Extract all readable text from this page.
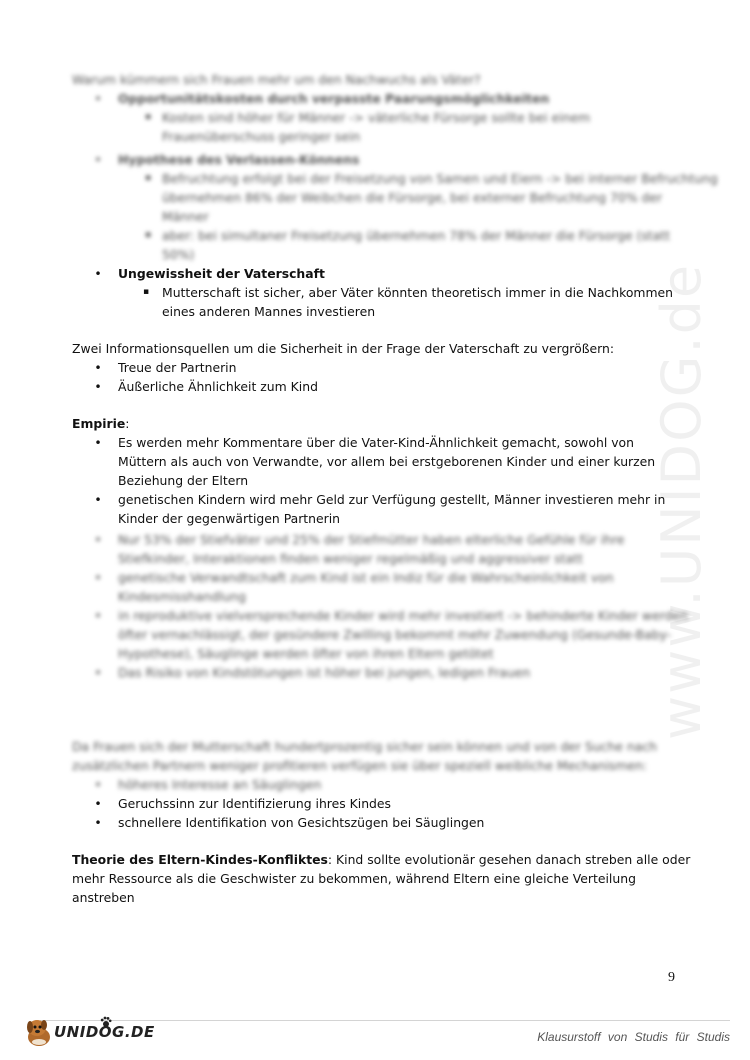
www.UNIDOG.de
Warum kümmern sich Frauen mehr um den Nachwuchs als Väter?
• Opportunitätskosten durch verpasste Paarungsmöglichkeiten
▪ Kosten sind höher für Männer -> väterliche Fürsorge sollte bei einem
Frauenüberschuss geringer sein
• Hypothese des Verlassen-Könnens
▪ Befruchtung erfolgt bei der Freisetzung von Samen und Eiern -> bei interner Befruchtung
übernehmen 86% der Weibchen die Fürsorge, bei externer Befruchtung 70% der
Männer
▪ aber: bei simultaner Freisetzung übernehmen 78% der Männer die Fürsorge (statt
50%)
• Ungewissheit der Vaterschaft
▪ Mutterschaft ist sicher, aber Väter könnten theoretisch immer in die Nachkommen
eines anderen Mannes investieren
Zwei Informationsquellen um die Sicherheit in der Frage der Vaterschaft zu vergrößern:
• Treue der Partnerin
• Äußerliche Ähnlichkeit zum Kind
Empirie:
• Es werden mehr Kommentare über die Vater-Kind-Ähnlichkeit gemacht, sowohl von
Müttern als auch von Verwandte, vor allem bei erstgeborenen Kinder und einer kurzen
Beziehung der Eltern
• genetischen Kindern wird mehr Geld zur Verfügung gestellt, Männer investieren mehr in
Kinder der gegenwärtigen Partnerin
• Nur 53% der Stiefväter und 25% der Stiefmütter haben elterliche Gefühle für ihre
Stiefkinder, Interaktionen finden weniger regelmäßig und aggressiver statt
• genetische Verwandtschaft zum Kind ist ein Indiz für die Wahrscheinlichkeit von
Kindesmisshandlung
• in reproduktive vielversprechende Kinder wird mehr investiert -> behinderte Kinder werden
öfter vernachlässigt, der gesündere Zwilling bekommt mehr Zuwendung (Gesunde-Baby-
Hypothese), Säuglinge werden öfter von ihren Eltern getötet
• Das Risiko von Kindstötungen ist höher bei jungen, ledigen Frauen
Da Frauen sich der Mutterschaft hundertprozentig sicher sein können und von der Suche nach
zusätzlichen Partnern weniger profitieren verfügen sie über speziell weibliche Mechanismen:
• höheres Interesse an Säuglingen
• Geruchssinn zur Identifizierung ihres Kindes
• schnellere Identifikation von Gesichtszügen bei Säuglingen
Theorie des Eltern-Kindes-Konfliktes: Kind sollte evolutionär gesehen danach streben alle oder
mehr Ressource als die Geschwister zu bekommen, während Eltern eine gleiche Verteilung
anstreben
9
UNIDOG.DE	Klausurstoff von Studis für Studis
